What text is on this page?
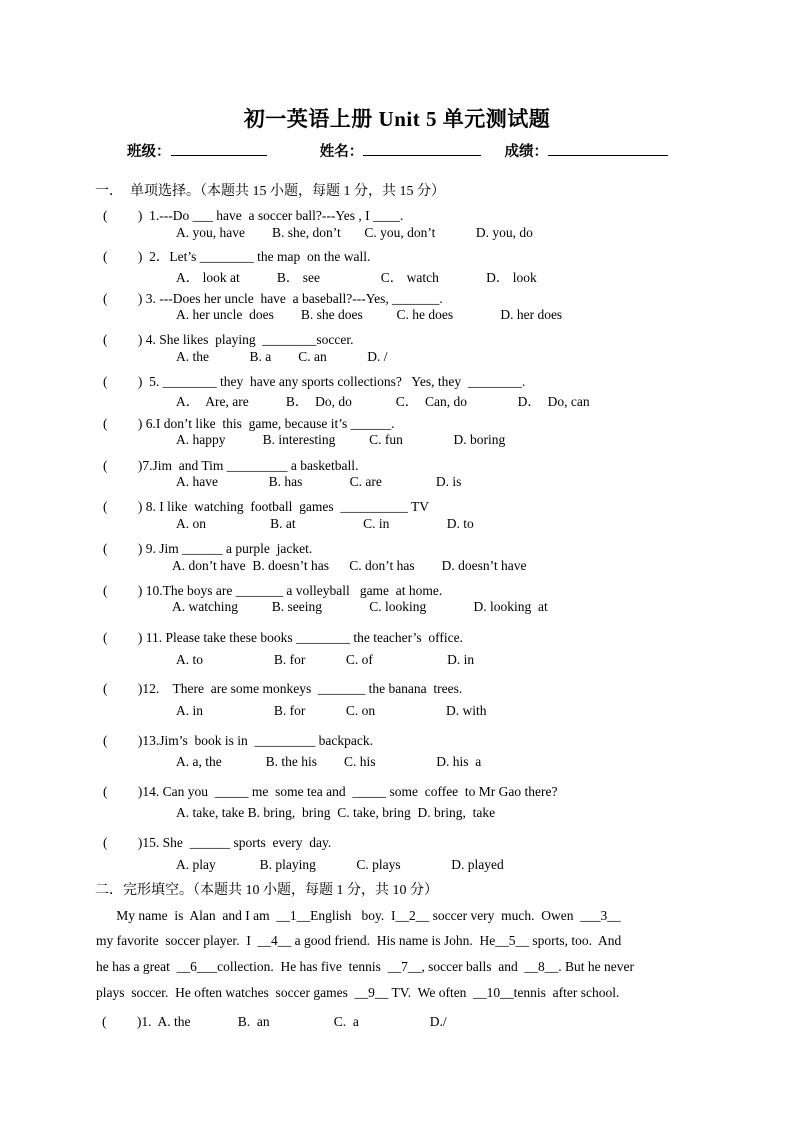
初一英语上册 Unit 5 单元测试题
班级：	姓名：	成绩：
一．　单项选择。（本题共 15 小题，每题 1 分，共 15 分）
(　　 )  1.---Do ___ have  a soccer ball?---Yes , I ____.
A. you, have        B. she, don’t       C. you, don’t            D. you, do
(　　 )  2．Let’s ________ the map  on the wall.
A． look at           B． see                  C． watch              D． look
(　　 ) 3. ---Does her uncle  have  a baseball?---Yes, _______.
A. her uncle  does        B. she does          C. he does              D. her does
(　　 ) 4. She likes  playing  ________soccer.
A. the            B. a        C. an            D. /
(　　 )  5. ________ they  have any sports collections?   Yes, they  ________.
A．  Are, are           B．  Do, do             C．  Can, do               D．  Do, can
(　　 ) 6.I don’t like  this  game, because it’s ______.
A. happy           B. interesting          C. fun               D. boring
(　　 )7.Jim  and Tim _________ a basketball.
A. have               B. has              C. are                D. is
(　　 ) 8. I like  watching  football  games  __________ TV
A. on                   B. at                    C. in                 D. to
(　　 ) 9. Jim ______ a purple  jacket.
A. don’t have  B. doesn’t has      C. don’t has        D. doesn’t have
(　　 ) 10.The boys are _______ a volleyball   game  at home.
A. watching          B. seeing              C. looking              D. looking  at
(　　 ) 11. Please take these books ________ the teacher’s  office.
A. to                     B. for            C. of                      D. in
(　　 )12.    There  are some monkeys  _______ the banana  trees.
A. in                     B. for            C. on                     D. with
(　　 )13.Jim’s  book is in  _________ backpack.
A. a, the             B. the his        C. his                  D. his  a
(　　 )14. Can you  _____ me  some tea and  _____ some  coffee  to Mr Gao there?
A. take, take B. bring,  bring  C. take, bring  D. bring,  take
(　　 )15. She  ______ sports  every  day.
A. play             B. playing            C. plays               D. played
二．完形填空。（本题共 10 小题，每题 1 分，共 10 分）
My name  is  Alan  and I am  __1__English   boy.  I__2__ soccer very  much.  Owen  ___3__
my favorite  soccer player.  I  __4__ a good friend.  His name is John.  He__5__ sports, too.  And
he has a great  __6___collection.  He has five  tennis  __7__, soccer balls  and  __8__. But he never
plays  soccer.  He often watches  soccer games  __9__ TV.  We often  __10__tennis  after school.
(　　 )1.  A. the              B.  an                   C.  a                     D./
